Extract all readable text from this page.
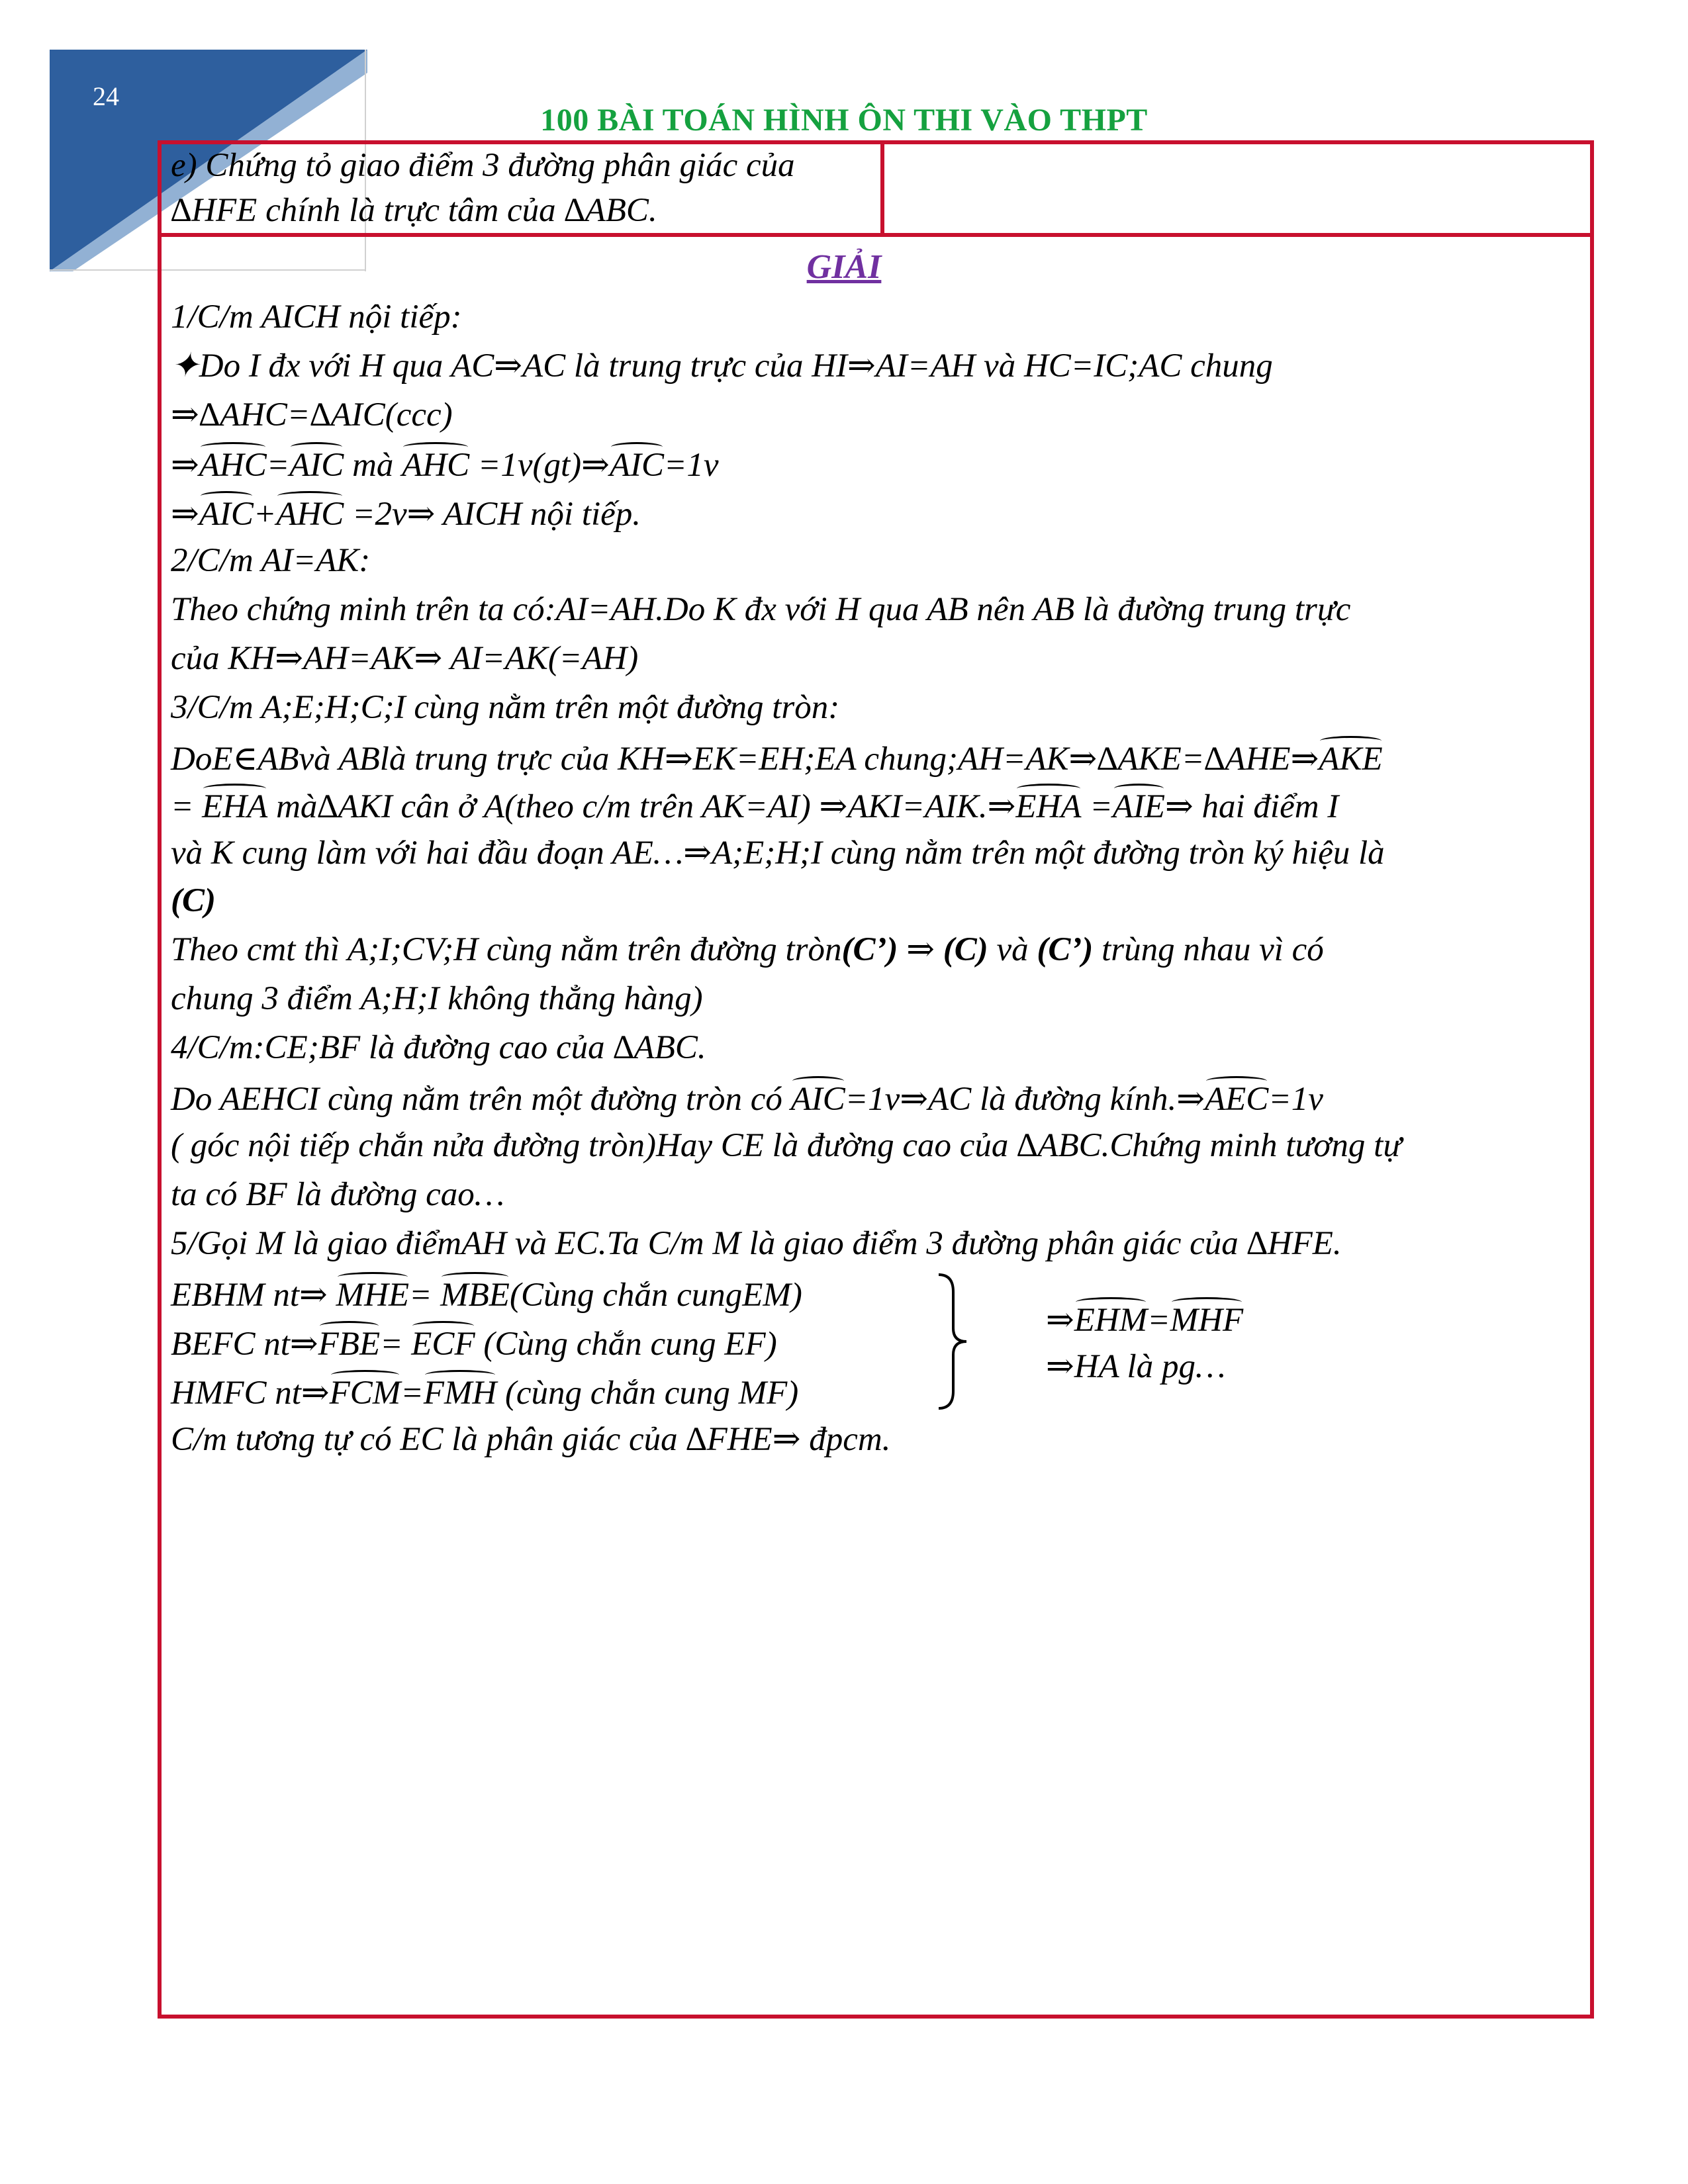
24
100 BÀI TOÁN HÌNH ÔN THI VÀO THPT
e) Chứng tỏ giao điểm 3 đường phân giác của
∆HFE chính là trực tâm của ∆ABC.
GIẢI
1/C/m AICH nội tiếp:
✦Do I đx với H qua AC⇒AC là trung trực của HI⇒AI=AH và HC=IC;AC chung
⇒∆AHC=∆AIC(ccc)
⇒AHC=AIC mà AHC =1v(gt)⇒AIC=1v
⇒AIC+AHC =2v⇒ AICH nội tiếp.
2/C/m AI=AK:
Theo chứng minh trên ta có:AI=AH.Do K đx với H qua AB nên AB là đường trung trực
của KH⇒AH=AK⇒ AI=AK(=AH)
3/C/m A;E;H;C;I cùng nằm trên một đường tròn:
DoE∈ABvà ABlà trung trực của KH⇒EK=EH;EA chung;AH=AK⇒∆AKE=∆AHE⇒AKE
= EHA mà∆AKI cân ở A(theo c/m trên AK=AI) ⇒AKI=AIK.⇒EHA =AIE⇒ hai điểm I
và K cung làm với hai đầu đoạn AE…⇒A;E;H;I cùng nằm trên một đường tròn ký hiệu là
(C)
Theo cmt thì A;I;CV;H cùng nằm trên đường tròn(C’) ⇒ (C) và (C’) trùng nhau vì có
chung 3 điểm A;H;I không thẳng hàng)
4/C/m:CE;BF là đường cao của ∆ABC.
Do AEHCI cùng nằm trên một đường tròn có AIC=1v⇒AC là đường kính.⇒AEC=1v
( góc nội tiếp chắn nửa đường tròn)Hay CE là đường cao của ∆ABC.Chứng minh tương tự
ta có BF là đường cao…
5/Gọi M là giao điểmAH và EC.Ta C/m M là giao điểm 3 đường phân giác của ∆HFE.
EBHM nt⇒ MHE= MBE(Cùng chắn cungEM)
BEFC nt⇒FBE= ECF (Cùng chắn cung EF)
HMFC nt⇒FCM=FMH (cùng chắn cung MF)
⇒EHM=MHF
⇒HA là pg…
C/m tương tự có EC là phân giác của ∆FHE⇒ đpcm.
